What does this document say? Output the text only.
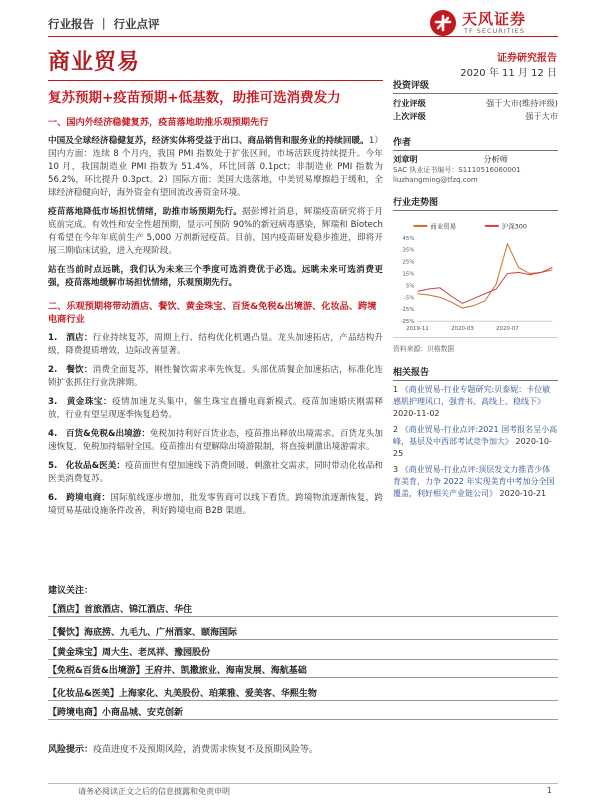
行业报告 ｜ 行业点评	天风证券
TF SECURITIES
商业贸易	证券研究报告
2020 年 11 月 12 日
复苏预期+疫苗预期+低基数，助推可选消费发力
一、国内外经济稳健复苏，疫苗落地助推乐观预期先行
中国及全球经济稳健复苏，经济实体将受益于出口、商品销售和服务业的持续回暖。1）国内方面：连续 8 个月内，我国 PMI 指数处于扩张区间，市场活跃度持续提升。今年 10 月，我国制造业 PMI 指数为 51.4%，环比回落 0.1pct；非制造业 PMI 指数为 56.2%，环比提升 0.3pct。2）国际方面：美国大选落地，中美贸易摩擦趋于缓和，全球经济稳健向好，海外资金有望回流改善资金环境。
疫苗落地降低市场担忧情绪，助推市场预期先行。据彭博社消息，辉瑞疫苗研究将于月底前完成。有效性和安全性超预期，显示可预防 90%的新冠病毒感染，辉瑞和 Biotech 有希望在今年年底前生产 5,000 万剂新冠疫苗。目前，国内疫苗研发稳步推进，即将开展三期临床试验，进入充现阶段。
站在当前时点远眺，我们认为未来三个季度可选消费优于必选。远眺未来可选消费更强，疫苗落地缓解市场担忧情绪，乐观预期先行。
二、乐观预期将带动酒店、餐饮、黄金珠宝、百货&免税&出境游、化妆品、跨境电商行业
1.　酒店：行业持续复苏，周期上行、结构优化机遇凸显。龙头加速拓店，产品结构升级，降费提质增效，边际改善显著。
2.　餐饮：消费全面复苏，刚性餐饮需求率先恢复。头部优质餐企加速拓店，标准化连锁扩张抓住行业洗牌期。
3.　黄金珠宝：疫情加速龙头集中，催生珠宝直播电商新模式。疫苗加速婚庆刚需释放，行业有望呈现逐季恢复趋势。
4.　百货&免税&出境游：免税加持利好百货业态，疫苗推出释放出境需求。百货龙头加速恢复，免税加持辐射全国。疫苗推出有望解除出境游限制，将直接刺激出境游需求。
5.　化妆品&医美：疫苗面世有望加速线下消费回暖、刺激社交需求，同时带动化妆品和医美消费复苏。
6.　跨境电商：国际航线逐步增加，批发零售商可以线下看货。跨境物流逐渐恢复，跨境贸易基础设施条件改善，利好跨境电商 B2B 渠道。
建议关注：
【酒店】首旅酒店、锦江酒店、华住
【餐饮】海底捞、九毛九、广州酒家、颐海国际
【黄金珠宝】周大生、老凤祥、豫园股份
【免税&百货&出境游】王府井、凯撒旅业、海南发展、海航基础
【化妆品&医美】上海家化、丸美股份、珀莱雅、爱美客、华熙生物
【跨境电商】小商品城、安克创新
风险提示：疫苗进度不及预期风险，消费需求恢复不及预期风险等。
请务必阅读正文之后的信息披露和免责申明	1
投资评级
行业评级	强于大市(维持评级)
上次评级	强于大市
作者
刘章明	分析师
SAC 执业证书编号：S1110516060001
liuzhangming@tfzq.com
行业走势图
商业贸易	沪深300
45%
35%
25%
15%
5%
-5%
-15%
-25%
2019-11	2020-03	2020-07
资料来源：贝格数据
相关报告
1 《商业贸易-行业专题研究:贝泰妮：卡位敏感肌护理风口，强背书、高线上、稳线下》 2020-11-02
2 《商业贸易-行业点评:2021 国考报名呈小高峰，基层及中西部考试竞争加大》 2020-10-25
3 《商业贸易-行业点评:顶层发文力推青少体育美育，力争 2022 年实现美育中考加分全国覆盖，利好相关产业链公司》 2020-10-21
